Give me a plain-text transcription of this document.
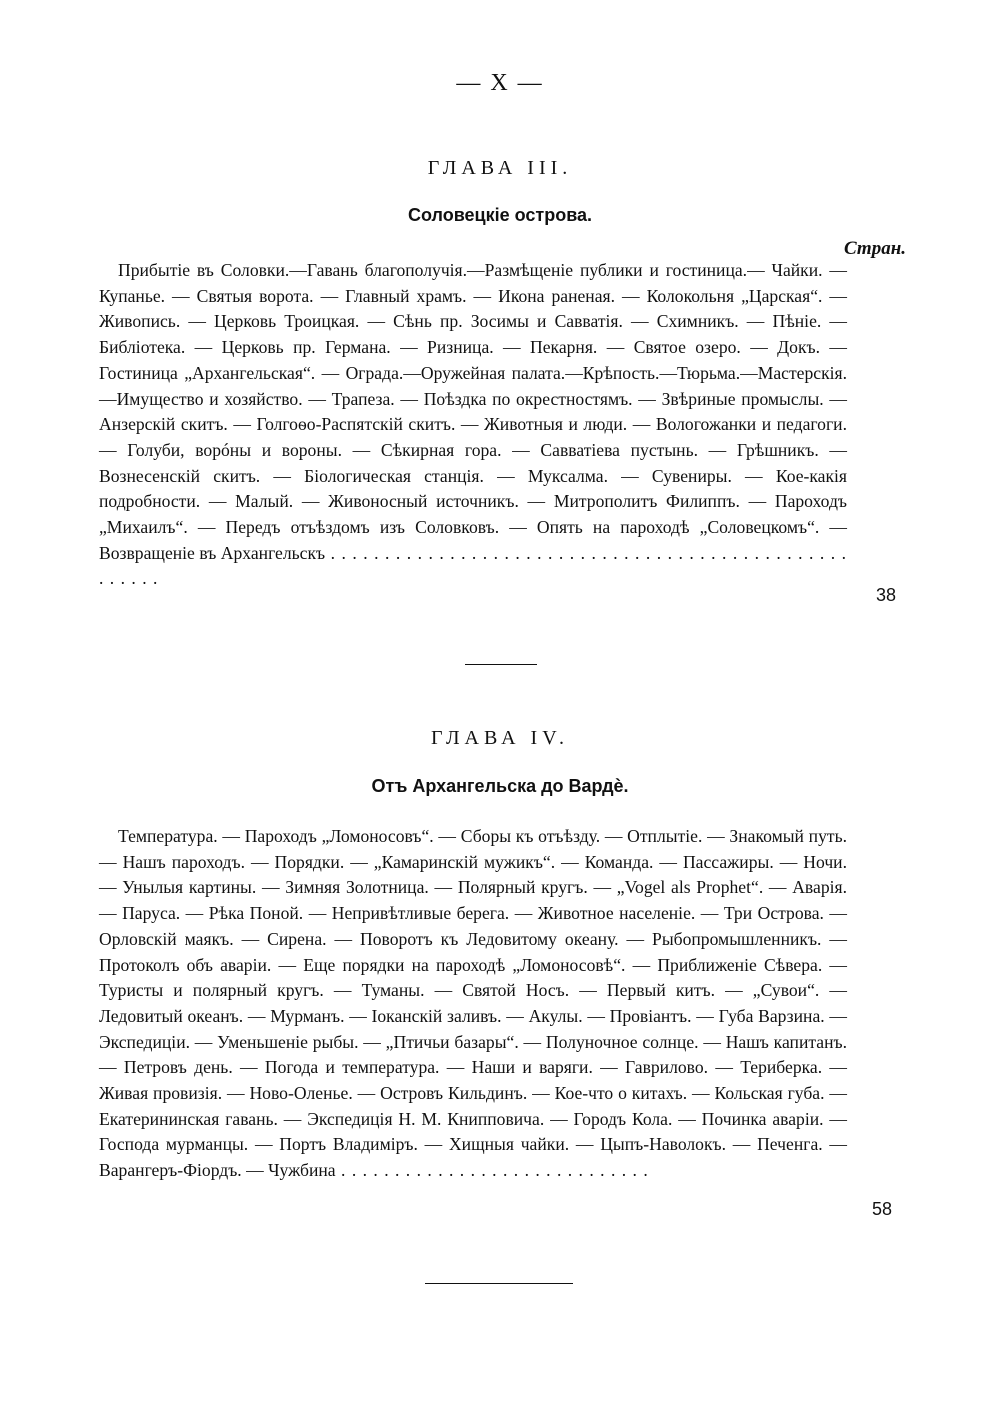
— X —
ГЛАВА III.
Соловецкіе острова.
Стран.

Прибытіе въ Соловки.—Гавань благополучія.—Размѣщеніе публики и гостиница.— Чайки. — Купанье. — Святыя ворота. — Главный храмъ. — Икона раненая. — Колокольня „Царская“. — Живопись. — Церковь Троицкая. — Сѣнь пр. Зосимы и Савватія. — Схимникъ. — Пѣніе. — Библіотека. — Церковь пр. Германа. — Ризница. — Пекарня. — Святое озеро. — Докъ. — Гостиница „Архангельская“. — Ограда.—Оружейная палата.—Крѣпость.—Тюрьма.—Мастерскія.—Имущество и хозяйство. — Трапеза. — Поѣздка по окрестностямъ. — Звѣриные промыслы. — Анзерскій скитъ. — Голгоѳо-Распятскій скитъ. — Животныя и люди. — Вологожанки и педагоги. — Голуби, ворóны и вороны. — Сѣкирная гора. — Савватіева пустынь. — Грѣшникъ. — Вознесенскій скитъ. — Біологическая станція. — Муксалма. — Сувениры. — Кое-какія подробности. — Малый. — Живоносный источникъ. — Митрополитъ Филиппъ. — Пароходъ „Михаилъ“. — Передъ отъѣздомъ изъ Соловковъ. — Опять на пароходѣ „Соловецкомъ“. — Возвращеніе въ Архангельскъ . . . . . . . . . . . . . . . . . . . . . . . . . . . . . . . . . . . . . . . . . . . . . . . . . . . . . .

38
ГЛАВА IV.
Отъ Архангельска до Вардѐ.

Температура. — Пароходъ „Ломоносовъ“. — Сборы къ отъѣзду. — Отплытіе. — Знакомый путь. — Нашъ пароходъ. — Порядки. — „Камаринскій мужикъ“. — Команда. — Пассажиры. — Ночи. — Унылыя картины. — Зимняя Золотница. — Полярный кругъ. — „Vogel als Prophet“. — Аварія. — Паруса. — Рѣка Поной. — Непривѣтливые берега. — Животное населеніе. — Три Острова. — Орловскій маякъ. — Сирена. — Поворотъ къ Ледовитому океану. — Рыбопромышленникъ. — Протоколъ объ аваріи. — Еще порядки на пароходѣ „Ломоносовѣ“. — Приближеніе Сѣвера. — Туристы и полярный кругъ. — Туманы. — Святой Носъ. — Первый китъ. — „Сувои“. — Ледовитый океанъ. — Мурманъ. — Іоканскій заливъ. — Акулы. — Провіантъ. — Губа Варзина. — Экспедиціи. — Уменьшеніе рыбы. — „Птичьи базары“. — Полуночное солнце. — Нашъ капитанъ. — Петровъ день. — Погода и температура. — Наши и варяги. — Гаврилово. — Териберка. — Живая провизія. — Ново-Оленье. — Островъ Кильдинъ. — Кое-что о китахъ. — Кольская губа. — Екатерининская гавань. — Экспедиція Н. М. Книпповича. — Городъ Кола. — Починка аваріи. — Господа мурманцы. — Портъ Владиміръ. — Хищныя чайки. — Цыпъ-Наволокъ. — Печенга. — Варангеръ-Фіордъ. — Чужбина . . . . . . . . . . . . . . . . . . . . . . . . . . . . .

58
